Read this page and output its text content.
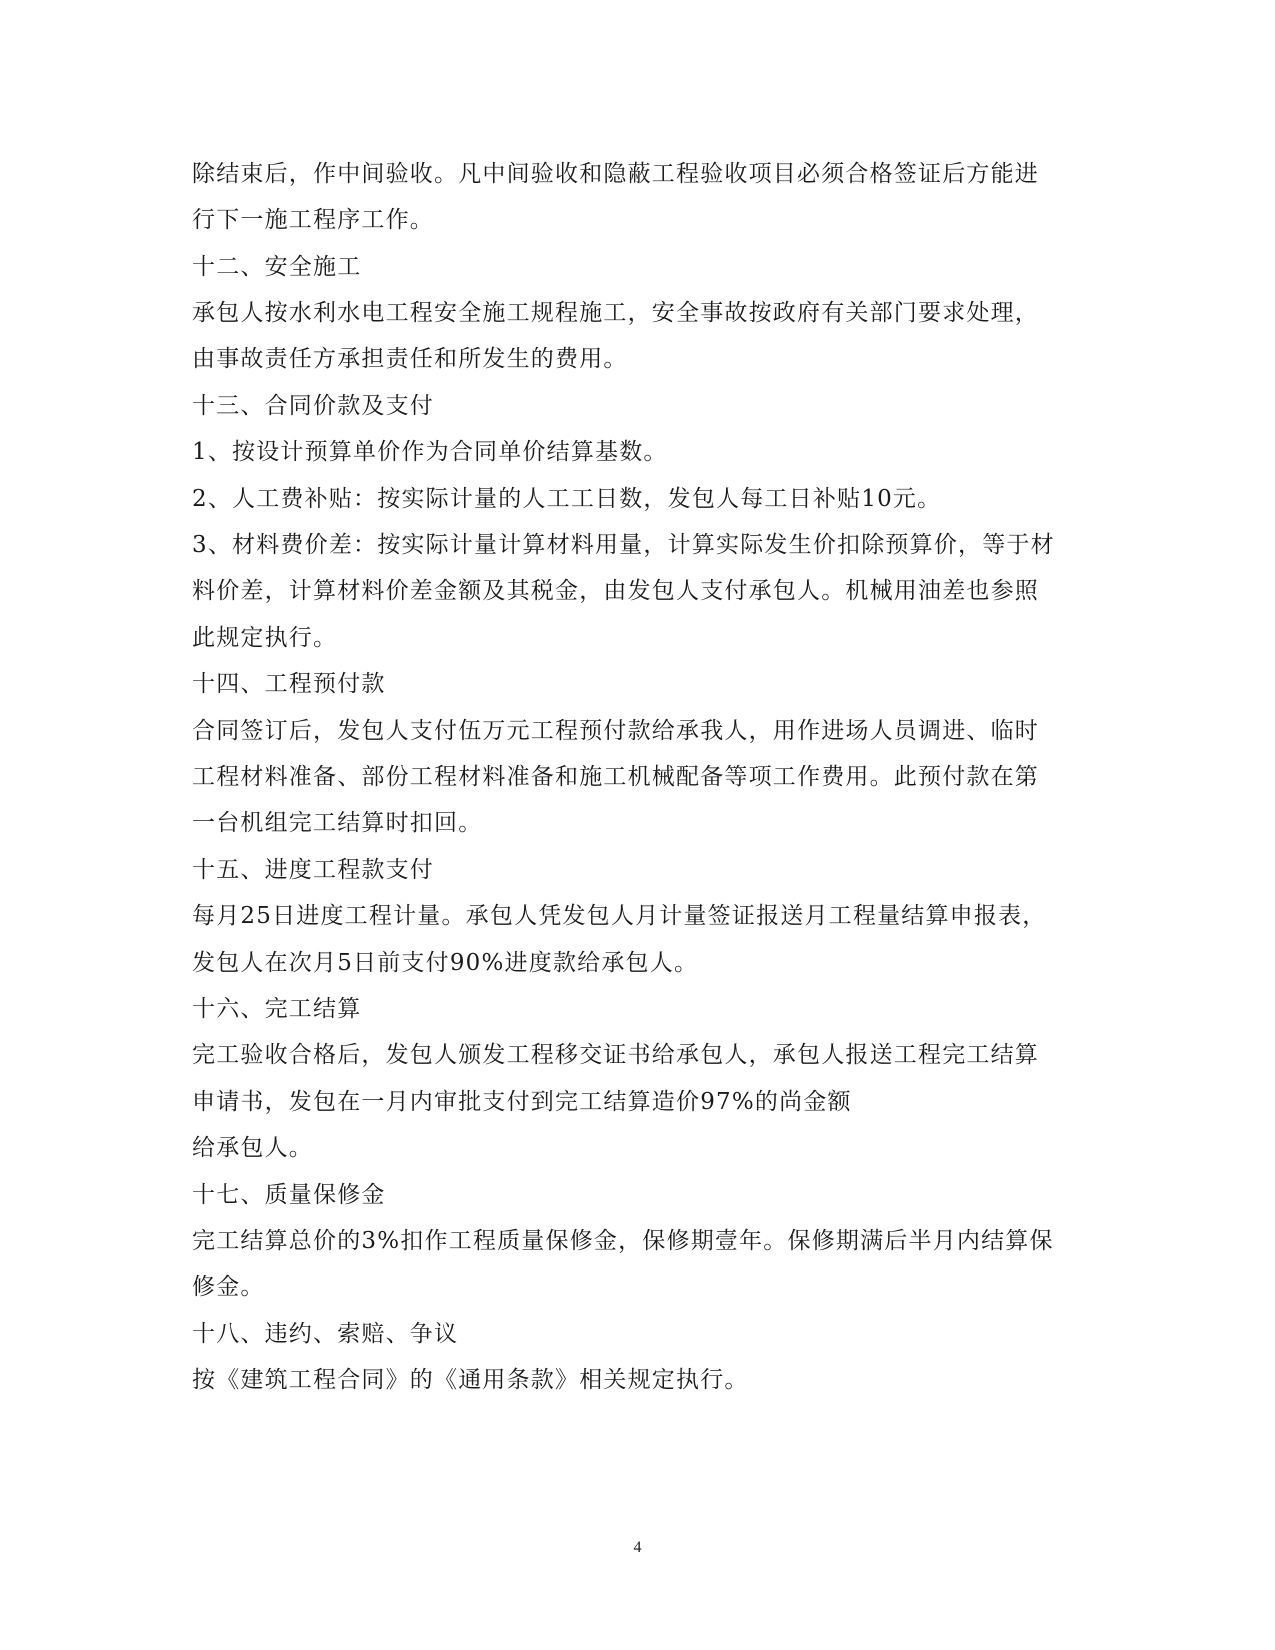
除结束后，作中间验收。凡中间验收和隐蔽工程验收项目必须合格签证后方能进
行下一施工程序工作。
十二、安全施工
承包人按水利水电工程安全施工规程施工，安全事故按政府有关部门要求处理，
由事故责任方承担责任和所发生的费用。
十三、合同价款及支付
1、按设计预算单价作为合同单价结算基数。
2、人工费补贴：按实际计量的人工工日数，发包人每工日补贴10元。
3、材料费价差：按实际计量计算材料用量，计算实际发生价扣除预算价，等于材
料价差，计算材料价差金额及其税金，由发包人支付承包人。机械用油差也参照
此规定执行。
十四、工程预付款
合同签订后，发包人支付伍万元工程预付款给承我人，用作进场人员调进、临时
工程材料准备、部份工程材料准备和施工机械配备等项工作费用。此预付款在第
一台机组完工结算时扣回。
十五、进度工程款支付
每月25日进度工程计量。承包人凭发包人月计量签证报送月工程量结算申报表，
发包人在次月5日前支付90%进度款给承包人。
十六、完工结算
完工验收合格后，发包人颁发工程移交证书给承包人，承包人报送工程完工结算
申请书，发包在一月内审批支付到完工结算造价97%的尚金额
给承包人。
十七、质量保修金
完工结算总价的3%扣作工程质量保修金，保修期壹年。保修期满后半月内结算保
修金。
十八、违约、索赔、争议
按《建筑工程合同》的《通用条款》相关规定执行。
4
